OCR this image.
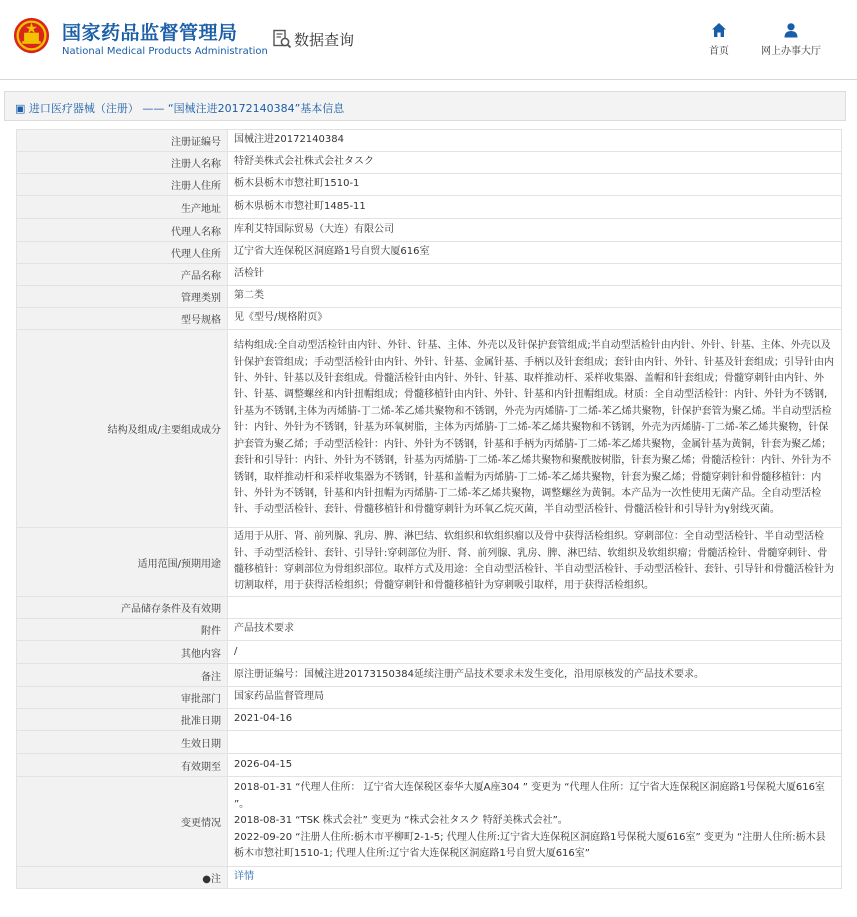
国家药品监督管理局
National Medical Products Administration
数据查询
首页	网上办事大厅
▣ 进口医疗器械（注册） —— “国械注进20172140384”基本信息
注册证编号	国械注进20172140384
注册人名称	特舒美株式会社株式会社タスク
注册人住所	栃木县栃木市惣社町1510-1
生产地址	栃木県栃木市惣社町1485-11
代理人名称	库利艾特国际贸易（大连）有限公司
代理人住所	辽宁省大连保税区洞庭路1号自贸大厦616室
产品名称	活检针
管理类别	第二类
型号规格	见《型号/规格附页》
结构及组成/主要组成成分	结构组成:全自动型活检针由内针、外针、针基、主体、外壳以及针保护套管组成;半自动型活检针由内针、外针、针基、主体、外壳以及针保护套管组成；手动型活检针由内针、外针、针基、金属针基、手柄以及针套组成；套针由内针、外针、针基及针套组成；引导针由内针、外针、针基以及针套组成。骨髓活检针由内针、外针、针基、取样推动杆、采样收集器、盖帽和针套组成；骨髓穿刺针由内针、外针、针基、调整螺丝和内针扭帽组成；骨髓移植针由内针、外针、针基和内针扭帽组成。材质：全自动型活检针：内针、外针为不锈钢,针基为不锈钢,主体为丙烯腈-丁二烯-苯乙烯共聚物和不锈钢，外壳为丙烯腈-丁二烯-苯乙烯共聚物，针保护套管为聚乙烯。半自动型活检针：内针、外针为不锈钢，针基为环氧树脂，主体为丙烯腈-丁二烯-苯乙烯共聚物和不锈钢，外壳为丙烯腈-丁二烯-苯乙烯共聚物，针保护套管为聚乙烯；手动型活检针：内针、外针为不锈钢，针基和手柄为丙烯腈-丁二烯-苯乙烯共聚物，金属针基为黄铜，针套为聚乙烯；套针和引导针：内针、外针为不锈钢，针基为丙烯腈-丁二烯-苯乙烯共聚物和聚酰胺树脂，针套为聚乙烯；骨髓活检针：内针、外针为不锈钢，取样推动杆和采样收集器为不锈钢，针基和盖帽为丙烯腈-丁二烯-苯乙烯共聚物，针套为聚乙烯；骨髓穿刺针和骨髓移植针：内针、外针为不锈钢，针基和内针扭帽为丙烯腈-丁二烯-苯乙烯共聚物，调整螺丝为黄铜。本产品为一次性使用无菌产品。全自动型活检针、手动型活检针、套针、骨髓移植针和骨髓穿刺针为环氧乙烷灭菌，半自动型活检针、骨髓活检针和引导针为γ射线灭菌。
适用范围/预期用途	适用于从肝、肾、前列腺、乳房、脾、淋巴结、软组织和软组织瘤以及骨中获得活检组织。穿刺部位：全自动型活检针、半自动型活检针、手动型活检针、套针、引导针:穿刺部位为肝、肾、前列腺、乳房、脾、淋巴结、软组织及软组织瘤；骨髓活检针、骨髓穿刺针、骨髓移植针：穿刺部位为骨组织部位。取样方式及用途：全自动型活检针、半自动型活检针、手动型活检针、套针、引导针和骨髓活检针为切割取样，用于获得活检组织；骨髓穿刺针和骨髓移植针为穿刺吸引取样，用于获得活检组织。
产品储存条件及有效期	
附件	产品技术要求
其他内容	/
备注	原注册证编号：国械注进20173150384延续注册产品技术要求未发生变化，沿用原核发的产品技术要求。
审批部门	国家药品监督管理局
批准日期	2021-04-16
生效日期	
有效期至	2026-04-15
变更情况	2018-01-31 “代理人住所： 辽宁省大连保税区泰华大厦A座304 ” 变更为 “代理人住所：辽宁省大连保税区洞庭路1号保税大厦616室 ”。
2018-08-31 “TSK 株式会社” 变更为 “株式会社タスク 特舒美株式会社”。
2022-09-20 “注册人住所:栃木市平柳町2-1-5; 代理人住所:辽宁省大连保税区洞庭路1号保税大厦616室” 变更为 “注册人住所:栃木县栃木市惣社町1510-1; 代理人住所:辽宁省大连保税区洞庭路1号自贸大厦616室”

●注	详情
